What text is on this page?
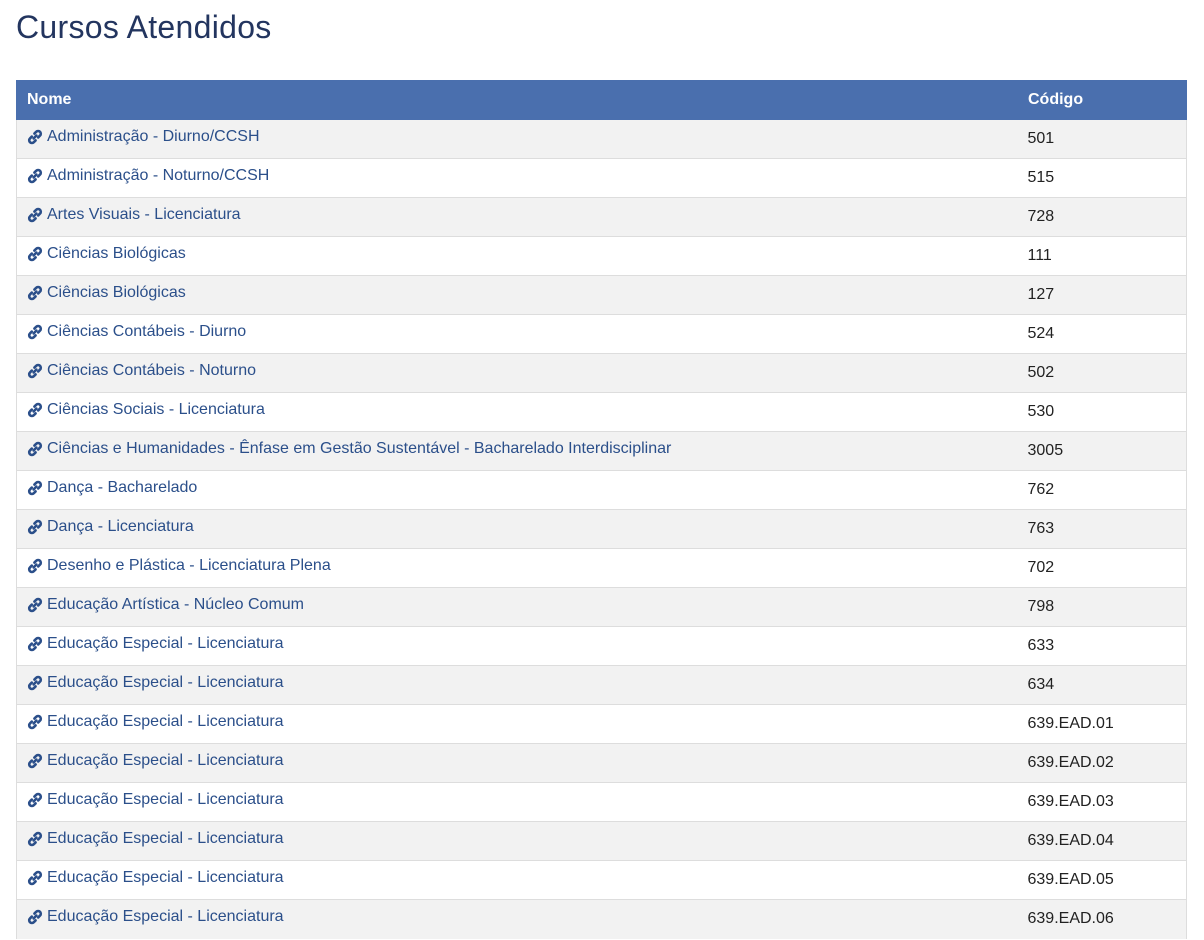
Cursos Atendidos
Nome	Código

Administração - Diurno/CCSH	501

Administração - Noturno/CCSH	515

Artes Visuais - Licenciatura	728

Ciências Biológicas	111

Ciências Biológicas	127

Ciências Contábeis - Diurno	524

Ciências Contábeis - Noturno	502

Ciências Sociais - Licenciatura	530

Ciências e Humanidades - Ênfase em Gestão Sustentável - Bacharelado Interdisciplinar	3005

Dança - Bacharelado	762

Dança - Licenciatura	763

Desenho e Plástica - Licenciatura Plena	702

Educação Artística - Núcleo Comum	798

Educação Especial - Licenciatura	633

Educação Especial - Licenciatura	634

Educação Especial - Licenciatura	639.EAD.01

Educação Especial - Licenciatura	639.EAD.02

Educação Especial - Licenciatura	639.EAD.03

Educação Especial - Licenciatura	639.EAD.04

Educação Especial - Licenciatura	639.EAD.05

Educação Especial - Licenciatura	639.EAD.06
